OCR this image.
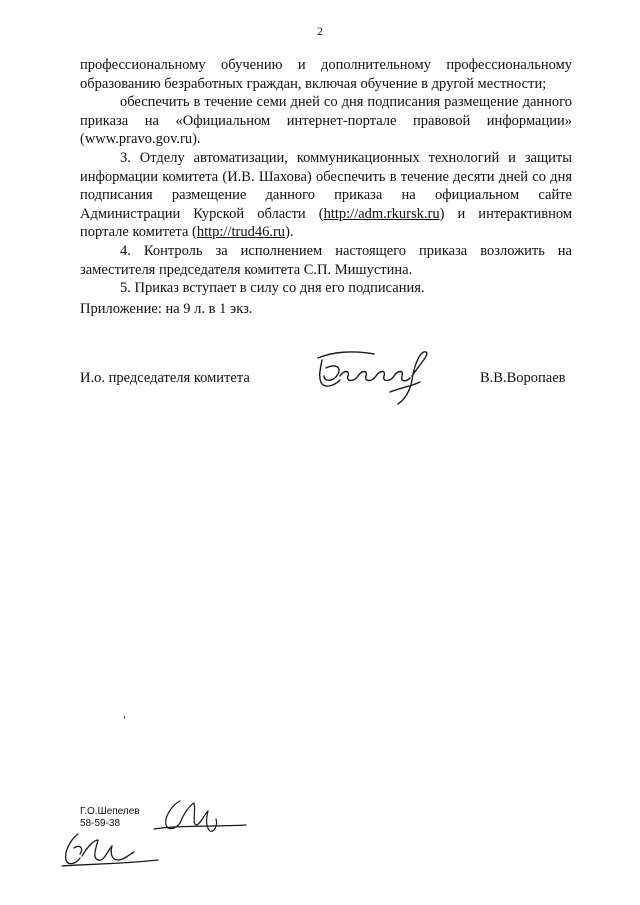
2

профессиональному обучению и дополнительному профессиональному образованию безработных граждан, включая обучение в другой местности;

обеспечить в течение семи дней со дня подписания размещение данного приказа на «Официальном интернет-портале правовой информации» (www.pravo.gov.ru).

3. Отделу автоматизации, коммуникационных технологий и защиты информации комитета (И.В. Шахова) обеспечить в течение десяти дней со дня подписания размещение данного приказа на официальном сайте Администрации Курской области (http://adm.rkursk.ru) и интерактивном портале комитета (http://trud46.ru).

4. Контроль за исполнением настоящего приказа возложить на заместителя председателя комитета С.П. Мишустина.

5. Приказ вступает в силу со дня его подписания.

Приложение: на 9 л. в 1 экз.
И.о. председателя комитета	В.В.Воропаев
Г.О.Шепелев
58-59-38
